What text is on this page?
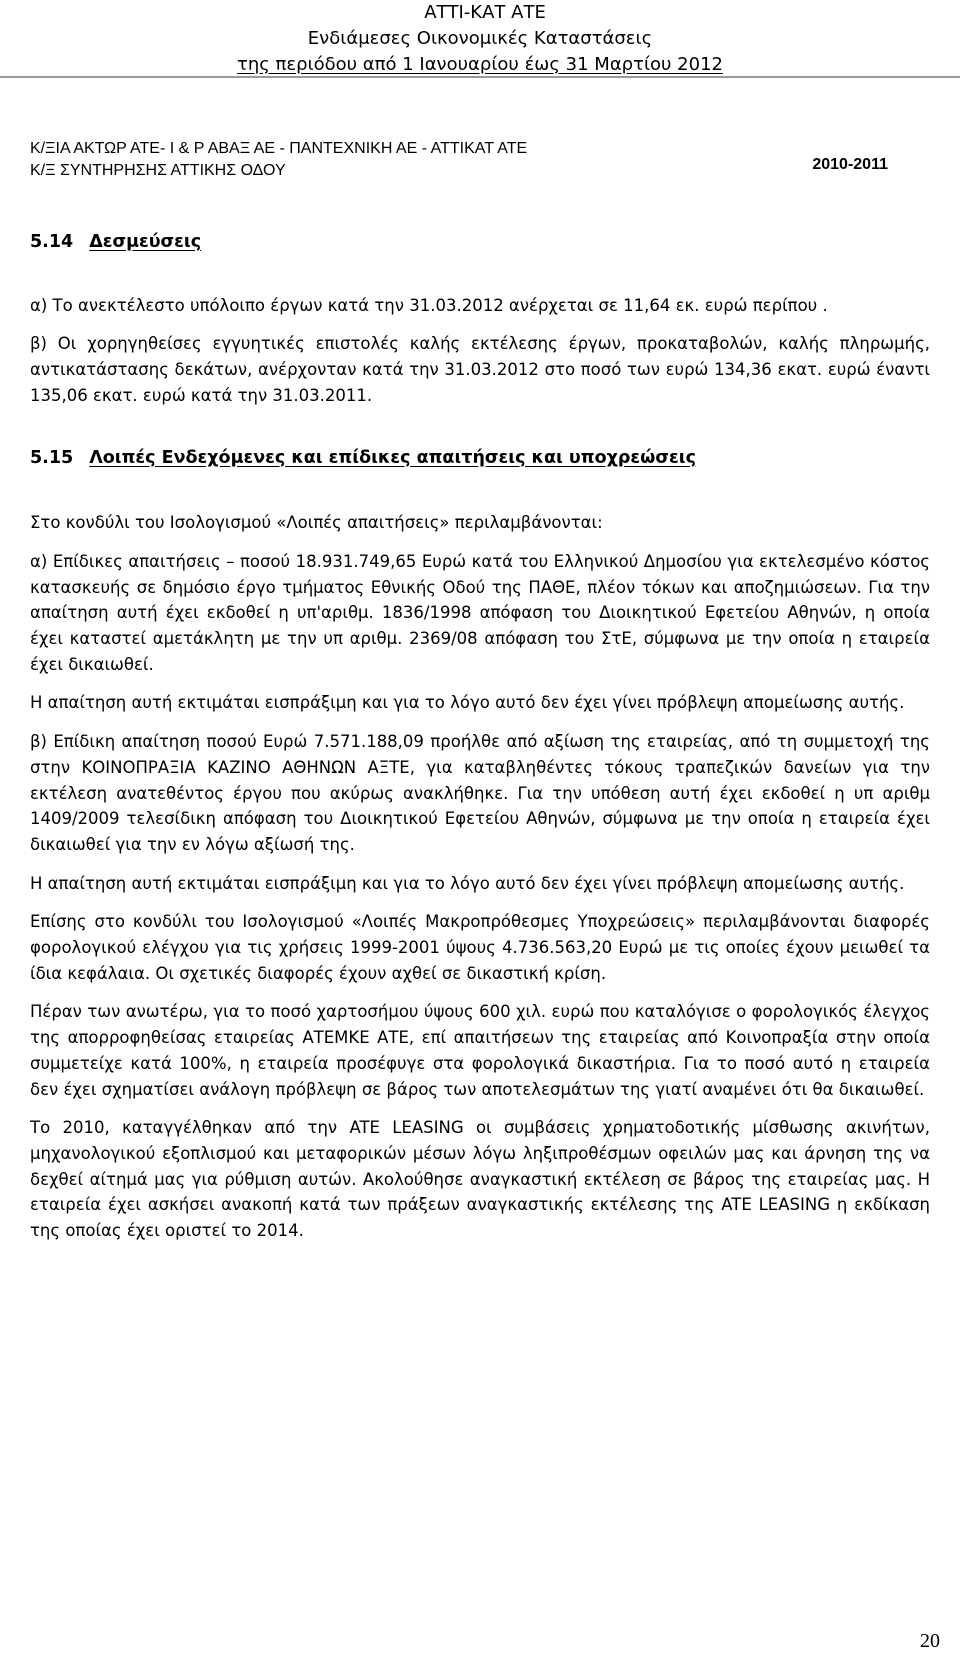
ΑΤΤΙ-ΚΑΤ ΑΤΕ
Ενδιάμεσες Οικονομικές Καταστάσεις
της περιόδου από 1 Ιανουαρίου έως 31 Μαρτίου 2012
Κ/ΞΙΑ ΑΚΤΩΡ ΑΤΕ- Ι & Ρ ΑΒΑΞ ΑΕ - ΠΑΝΤΕΧΝΙΚΗ ΑΕ - ΑΤΤΙΚΑΤ ΑΤΕ
Κ/Ξ ΣΥΝΤΗΡΗΣΗΣ ΑΤΤΙΚΗΣ ΟΔΟΥ	2010-2011

5.14 Δεσμεύσεις

α) Το ανεκτέλεστο υπόλοιπο έργων κατά την 31.03.2012 ανέρχεται σε 11,64 εκ. ευρώ περίπου .

β) Οι χορηγηθείσες εγγυητικές επιστολές καλής εκτέλεσης έργων, προκαταβολών, καλής πληρωμής, αντικατάστασης δεκάτων, ανέρχονταν κατά την 31.03.2012 στο ποσό των ευρώ 134,36 εκατ. ευρώ έναντι 135,06 εκατ. ευρώ κατά την 31.03.2011.

5.15 Λοιπές Ενδεχόμενες και επίδικες απαιτήσεις και υποχρεώσεις

Στο κονδύλι του Ισολογισμού «Λοιπές απαιτήσεις» περιλαμβάνονται:

α) Επίδικες απαιτήσεις – ποσού 18.931.749,65 Ευρώ κατά του Ελληνικού Δημοσίου για εκτελεσμένο κόστος κατασκευής σε δημόσιο έργο τμήματος Εθνικής Οδού της ΠΑΘΕ, πλέον τόκων και αποζημιώσεων. Για την απαίτηση αυτή έχει εκδοθεί η υπ'αριθμ. 1836/1998 απόφαση του Διοικητικού Εφετείου Αθηνών, η οποία έχει καταστεί αμετάκλητη με την υπ αριθμ. 2369/08 απόφαση του ΣτΕ, σύμφωνα με την οποία η εταιρεία έχει δικαιωθεί.

Η απαίτηση αυτή εκτιμάται εισπράξιμη και για το λόγο αυτό δεν έχει γίνει πρόβλεψη απομείωσης αυτής.

β) Επίδικη απαίτηση ποσού Ευρώ 7.571.188,09 προήλθε από αξίωση της εταιρείας, από τη συμμετοχή της στην ΚΟΙΝΟΠΡΑΞΙΑ ΚΑΖΙΝΟ ΑΘΗΝΩΝ ΑΞΤΕ, για καταβληθέντες τόκους τραπεζικών δανείων για την εκτέλεση ανατεθέντος έργου που ακύρως ανακλήθηκε. Για την υπόθεση αυτή έχει εκδοθεί η υπ αριθμ 1409/2009 τελεσίδικη απόφαση του Διοικητικού Εφετείου Αθηνών, σύμφωνα με την οποία η εταιρεία έχει δικαιωθεί για την εν λόγω αξίωσή της.

Η απαίτηση αυτή εκτιμάται εισπράξιμη και για το λόγο αυτό δεν έχει γίνει πρόβλεψη απομείωσης αυτής.

Επίσης στο κονδύλι του Ισολογισμού «Λοιπές Μακροπρόθεσμες Υποχρεώσεις» περιλαμβάνονται διαφορές φορολογικού ελέγχου για τις χρήσεις 1999-2001 ύψους 4.736.563,20 Ευρώ με τις οποίες έχουν μειωθεί τα ίδια κεφάλαια. Οι σχετικές διαφορές έχουν αχθεί σε δικαστική κρίση.

Πέραν των ανωτέρω, για το ποσό χαρτοσήμου ύψους 600 χιλ. ευρώ που καταλόγισε ο φορολογικός έλεγχος της απορροφηθείσας εταιρείας ΑΤΕΜΚΕ ΑΤΕ, επί απαιτήσεων της εταιρείας από Κοινοπραξία στην οποία συμμετείχε κατά 100%, η εταιρεία προσέφυγε στα φορολογικά δικαστήρια. Για το ποσό αυτό η εταιρεία δεν έχει σχηματίσει ανάλογη πρόβλεψη σε βάρος των αποτελεσμάτων της γιατί αναμένει ότι θα δικαιωθεί.

Το 2010, καταγγέλθηκαν από την ATE LEASING οι συμβάσεις χρηματοδοτικής μίσθωσης ακινήτων, μηχανολογικού εξοπλισμού και μεταφορικών μέσων λόγω ληξιπροθέσμων οφειλών μας και άρνηση της να δεχθεί αίτημά μας για ρύθμιση αυτών. Ακολούθησε αναγκαστική εκτέλεση σε βάρος της εταιρείας μας. Η εταιρεία έχει ασκήσει ανακοπή κατά των πράξεων αναγκαστικής εκτέλεσης της ATE LEASING η εκδίκαση της οποίας έχει οριστεί το 2014.

20
